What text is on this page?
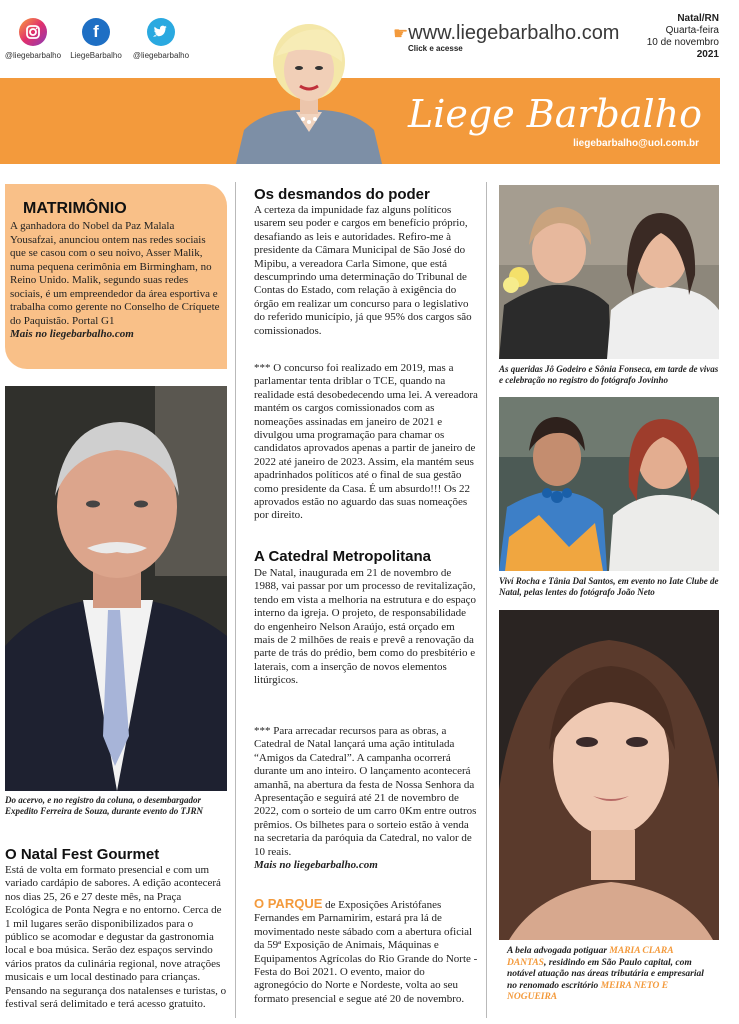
@liegebarbalho
f
LiegeBarbalho	@liegebarbalho
☛www.liegebarbalho.com
Click e acesse
Natal/RN
Quarta-feira
10 de novembro
2021
Liege Barbalho
liegebarbalho@uol.com.br
MATRIMÔNIO
A ganhadora do Nobel da Paz Malala Yousafzai, anunciou ontem nas redes sociais que se casou com o seu noivo, Asser Malik, numa pequena cerimônia em Birmingham, no Reino Unido. Malik, segundo suas redes sociais, é um empreendedor da área esportiva e trabalha como gerente no Conselho de Críquete do Paquistão. Portal G1
Mais no liegebarbalho.com
Do acervo, e no registro da coluna, o desembargador Expedito Ferreira de Souza, durante evento do TJRN
O Natal Fest Gourmet
Está de volta em formato presencial e com um variado cardápio de sabores. A edição acontecerá nos dias 25, 26 e 27 deste mês, na Praça Ecológica de Ponta Negra e no entorno. Cerca de 1 mil lugares serão disponibilizados para o público se acomodar e degustar da gastronomia local e boa música. Serão dez espaços servindo vários pratos da culinária regional, nove atrações musicais e um local destinado para crianças. Pensando na segurança dos natalenses e turistas, o festival será delimitado e terá acesso gratuito.
Os desmandos do poder
A certeza da impunidade faz alguns políticos usarem seu poder e cargos em benefício próprio, desafiando as leis e autoridades. Refiro-me à presidente da Câmara Municipal de São José do Mipibu, a vereadora Carla Simone, que está descumprindo uma determinação do Tribunal de Contas do Estado, com relação à exigência do órgão em realizar um concurso para o legislativo do referido município, já que 95% dos cargos são comissionados.
*** O concurso foi realizado em 2019, mas a parlamentar tenta driblar o TCE, quando na realidade está desobedecendo uma lei. A vereadora mantém os cargos comissionados com as nomeações assinadas em janeiro de 2021 e divulgou uma programação para chamar os candidatos aprovados apenas a partir de janeiro de 2022 até janeiro de 2023. Assim, ela mantém seus apadrinhados políticos até o final de sua gestão como presidente da Casa. É um absurdo!!! Os 22 aprovados estão no aguardo das suas nomeações por direito.
A Catedral Metropolitana
De Natal, inaugurada em 21 de novembro de 1988, vai passar por um processo de revitalização, tendo em vista a melhoria na estrutura e do espaço interno da igreja. O projeto, de responsabilidade do engenheiro Nelson Araújo, está orçado em mais de 2 milhões de reais e prevê a renovação da parte de trás do prédio, bem como do presbitério e laterais, com a inserção de novos elementos litúrgicos.
*** Para arrecadar recursos para as obras, a Catedral de Natal lançará uma ação intitulada “Amigos da Catedral”. A campanha ocorrerá durante um ano inteiro. O lançamento acontecerá amanhã, na abertura da festa de Nossa Senhora da Apresentação e seguirá até 21 de novembro de 2022, com o sorteio de um carro 0Km entre outros prêmios. Os bilhetes para o sorteio estão à venda na secretaria da paróquia da Catedral, no valor de 10 reais.
Mais no liegebarbalho.com
O PARQUE de Exposições Aristófanes Fernandes em Parnamirim, estará pra lá de movimentado neste sábado com a abertura oficial da 59ª Exposição de Animais, Máquinas e Equipamentos Agrícolas do Rio Grande do Norte - Festa do Boi 2021. O evento, maior do agronegócio do Norte e Nordeste, volta ao seu formato presencial e segue até 20 de novembro.
As queridas Jô Godeiro e Sônia Fonseca, em tarde de vivas e celebração no registro do fotógrafo Jovinho
Viví Rocha e Tânia Dal Santos, em evento no Iate Clube de Natal, pelas lentes do fotógrafo João Neto
A bela advogada potiguar MARIA CLARA DANTAS, residindo em São Paulo capital, com notável atuação nas áreas tributária e empresarial no renomado escritório MEIRA NETO E NOGUEIRA
